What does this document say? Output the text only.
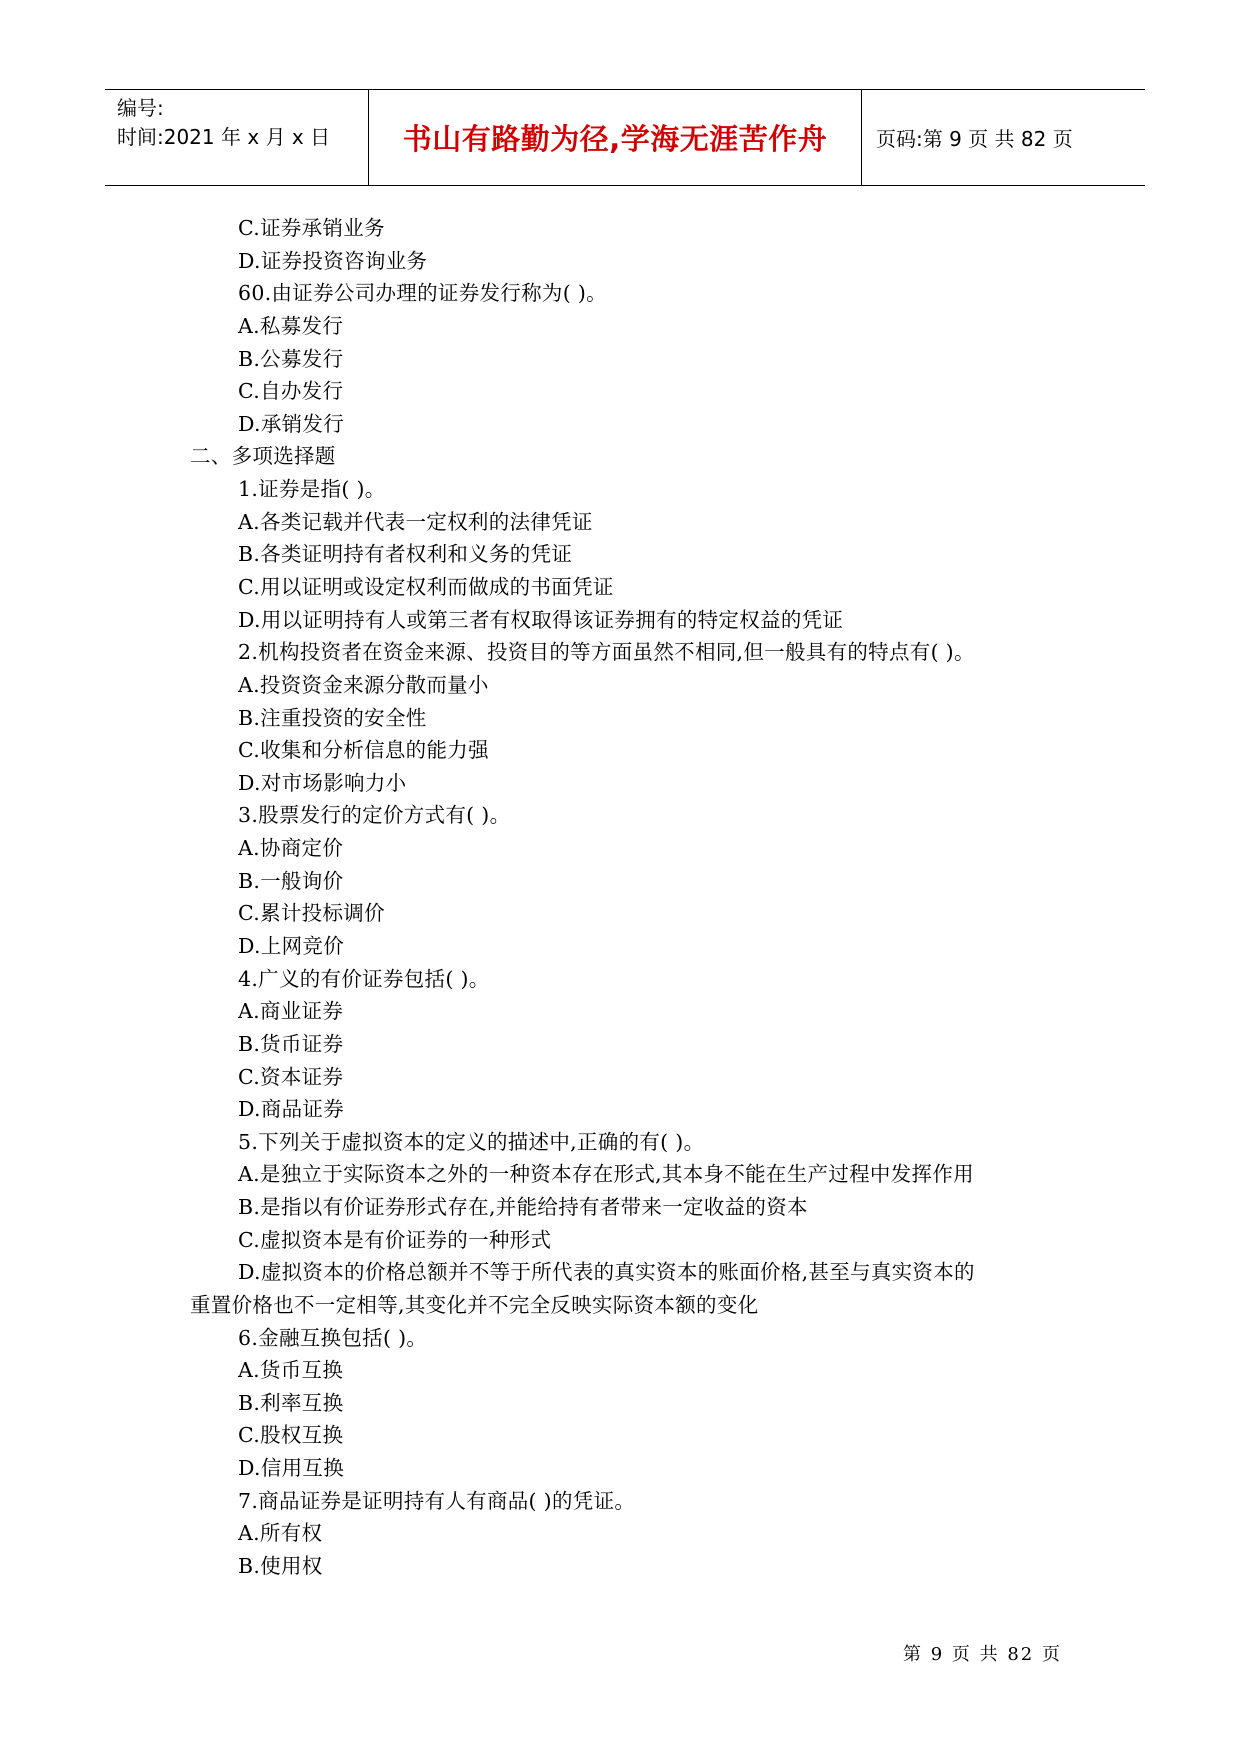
编号:
时间:2021 年 x 月 x 日	书山有路勤为径,学海无涯苦作舟 页码:第 9 页 共 82 页
C.证券承销业务
D.证券投资咨询业务
60.由证券公司办理的证券发行称为( )。
A.私募发行
B.公募发行
C.自办发行
D.承销发行
二、多项选择题
1.证券是指( )。
A.各类记载并代表一定权利的法律凭证
B.各类证明持有者权利和义务的凭证
C.用以证明或设定权利而做成的书面凭证
D.用以证明持有人或第三者有权取得该证券拥有的特定权益的凭证
2.机构投资者在资金来源、投资目的等方面虽然不相同,但一般具有的特点有( )。
A.投资资金来源分散而量小
B.注重投资的安全性
C.收集和分析信息的能力强
D.对市场影响力小
3.股票发行的定价方式有( )。
A.协商定价
B.一般询价
C.累计投标调价
D.上网竞价
4.广义的有价证券包括( )。
A.商业证券
B.货币证券
C.资本证券
D.商品证券
5.下列关于虚拟资本的定义的描述中,正确的有( )。
A.是独立于实际资本之外的一种资本存在形式,其本身不能在生产过程中发挥作用
B.是指以有价证券形式存在,并能给持有者带来一定收益的资本
C.虚拟资本是有价证券的一种形式
D.虚拟资本的价格总额并不等于所代表的真实资本的账面价格,甚至与真实资本的
重置价格也不一定相等,其变化并不完全反映实际资本额的变化
6.金融互换包括( )。
A.货币互换
B.利率互换
C.股权互换
D.信用互换
7.商品证券是证明持有人有商品( )的凭证。
A.所有权
B.使用权
第 9 页 共 82 页
